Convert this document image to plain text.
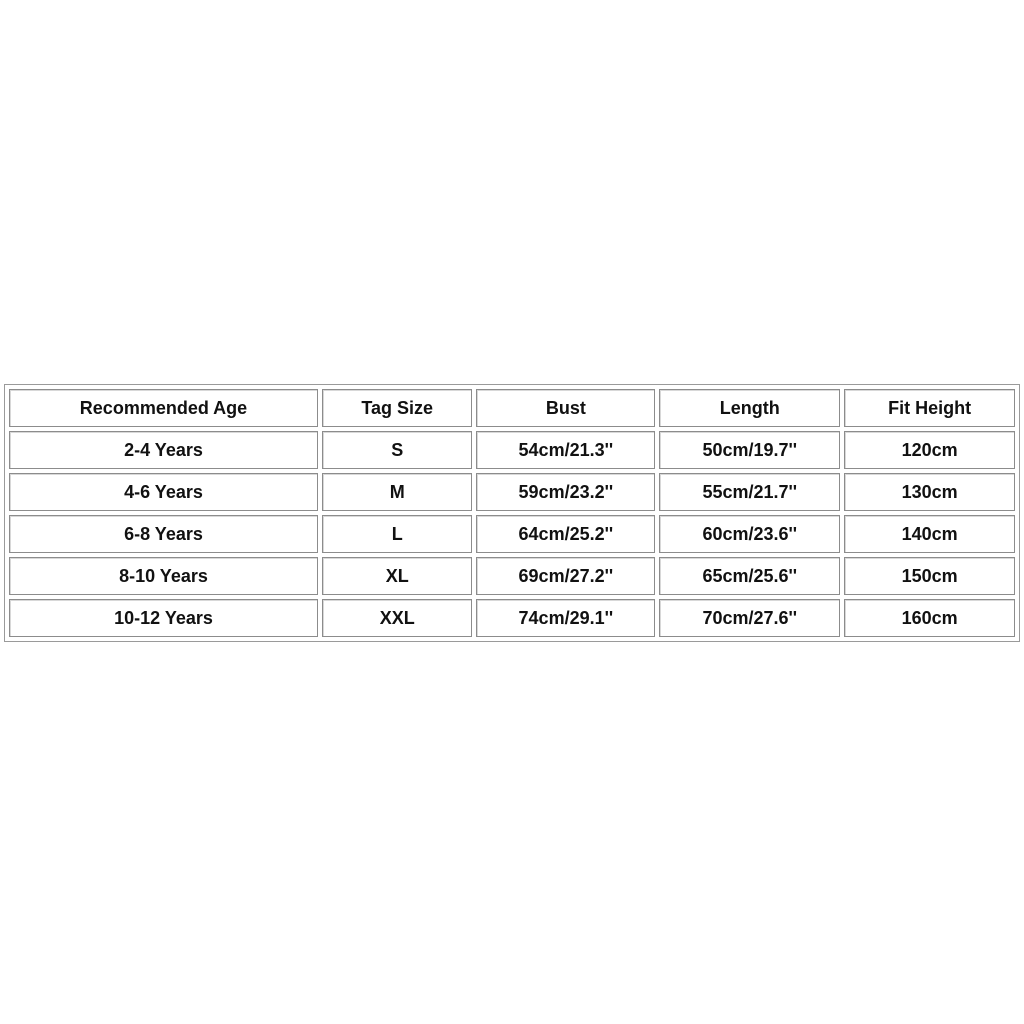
Recommended Age	Tag Size	Bust	Length	Fit Height
2-4 Years	S	54cm/21.3''	50cm/19.7''	120cm
4-6 Years	M	59cm/23.2''	55cm/21.7''	130cm
6-8 Years	L	64cm/25.2''	60cm/23.6''	140cm
8-10 Years	XL	69cm/27.2''	65cm/25.6''	150cm
10-12 Years	XXL	74cm/29.1''	70cm/27.6''	160cm
